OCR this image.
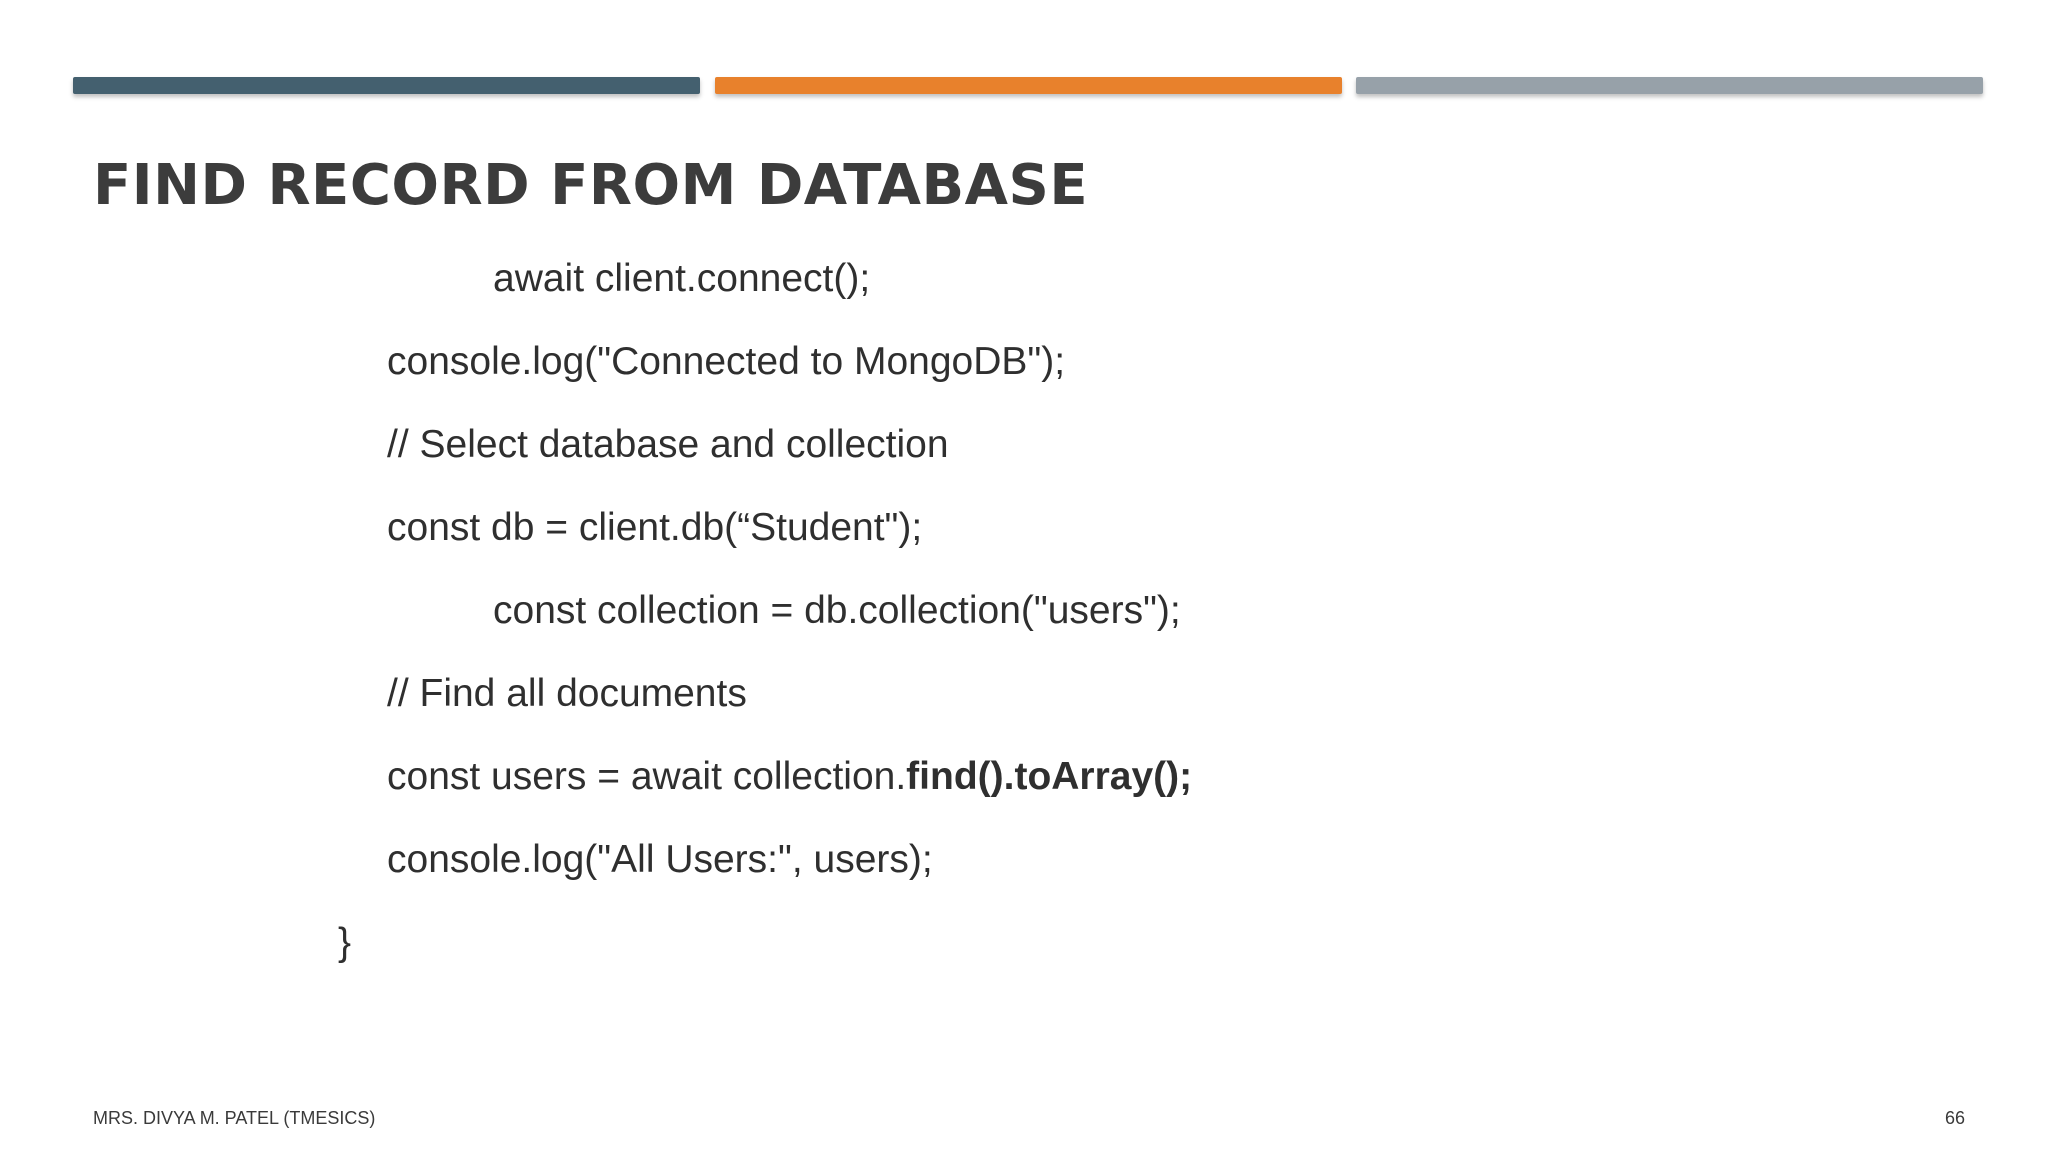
FIND RECORD FROM DATABASE
await client.connect();
console.log("Connected to MongoDB");
// Select database and collection
const db = client.db(“Student");
const collection = db.collection("users");
// Find all documents
const users = await collection.find().toArray();
console.log("All Users:", users);
}
MRS. DIVYA M. PATEL (TMESICS)	66
